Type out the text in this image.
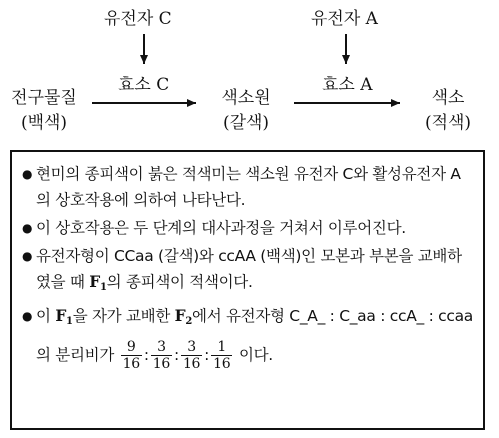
유전자 C	유전자 A
효소 C	효소 A
전구물질
(백색)
색소원
(갈색)
색소
(적색)
● 현미의 종피색이 붉은 적색미는 색소원 유전자 C와 활성유전자 A의 상호작용에 의하여 나타난다.
● 이 상호작용은 두 단계의 대사과정을 거쳐서 이루어진다.
● 유전자형이 CCaa (갈색)와 ccAA (백색)인 모본과 부본을 교배하였을 때 $F_1$의 종피색이 적색이다.
● 이 $F_1$을 자가 교배한 $F_2$에서 유전자형 C_A_ : C_aa : ccA_ : ccaa의 분리비가 $\frac{9}{16}$ : $\frac{3}{16}$ : $\frac{3}{16}$ : $\frac{1}{16}$ 이다.
